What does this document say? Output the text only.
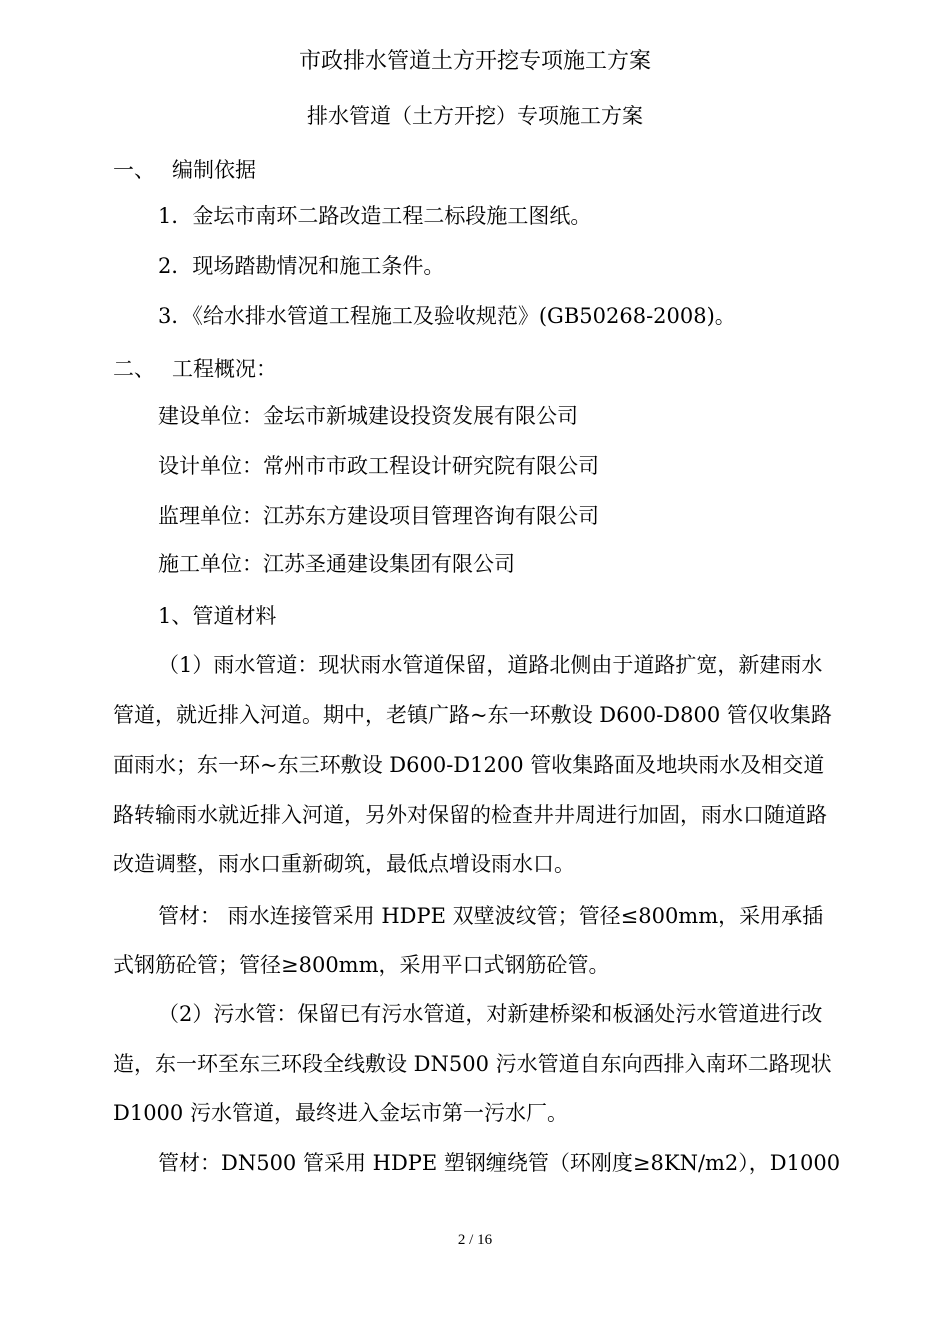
市政排水管道土方开挖专项施工方案
排水管道（土方开挖）专项施工方案
一、 编制依据
1．金坛市南环二路改造工程二标段施工图纸。
2．现场踏勘情况和施工条件。
3．《给水排水管道工程施工及验收规范》(GB50268-2008)。
二、 工程概况：
建设单位：金坛市新城建设投资发展有限公司
设计单位：常州市市政工程设计研究院有限公司
监理单位：江苏东方建设项目管理咨询有限公司
施工单位：江苏圣通建设集团有限公司
1、管道材料
（1）雨水管道：现状雨水管道保留，道路北侧由于道路扩宽，新建雨水
管道，就近排入河道。期中，老镇广路~东一环敷设 D600-D800 管仅收集路
面雨水；东一环~东三环敷设 D600-D1200 管收集路面及地块雨水及相交道
路转输雨水就近排入河道，另外对保留的检查井井周进行加固，雨水口随道路
改造调整，雨水口重新砌筑，最低点增设雨水口。
管材： 雨水连接管采用 HDPE 双壁波纹管；管径≤800mm，采用承插
式钢筋砼管；管径≥800mm，采用平口式钢筋砼管。
（2）污水管：保留已有污水管道，对新建桥梁和板涵处污水管道进行改
造，东一环至东三环段全线敷设 DN500 污水管道自东向西排入南环二路现状
D1000 污水管道，最终进入金坛市第一污水厂。
管材：DN500 管采用 HDPE 塑钢缠绕管（环刚度≥8KN/m2），D1000
2 / 16
